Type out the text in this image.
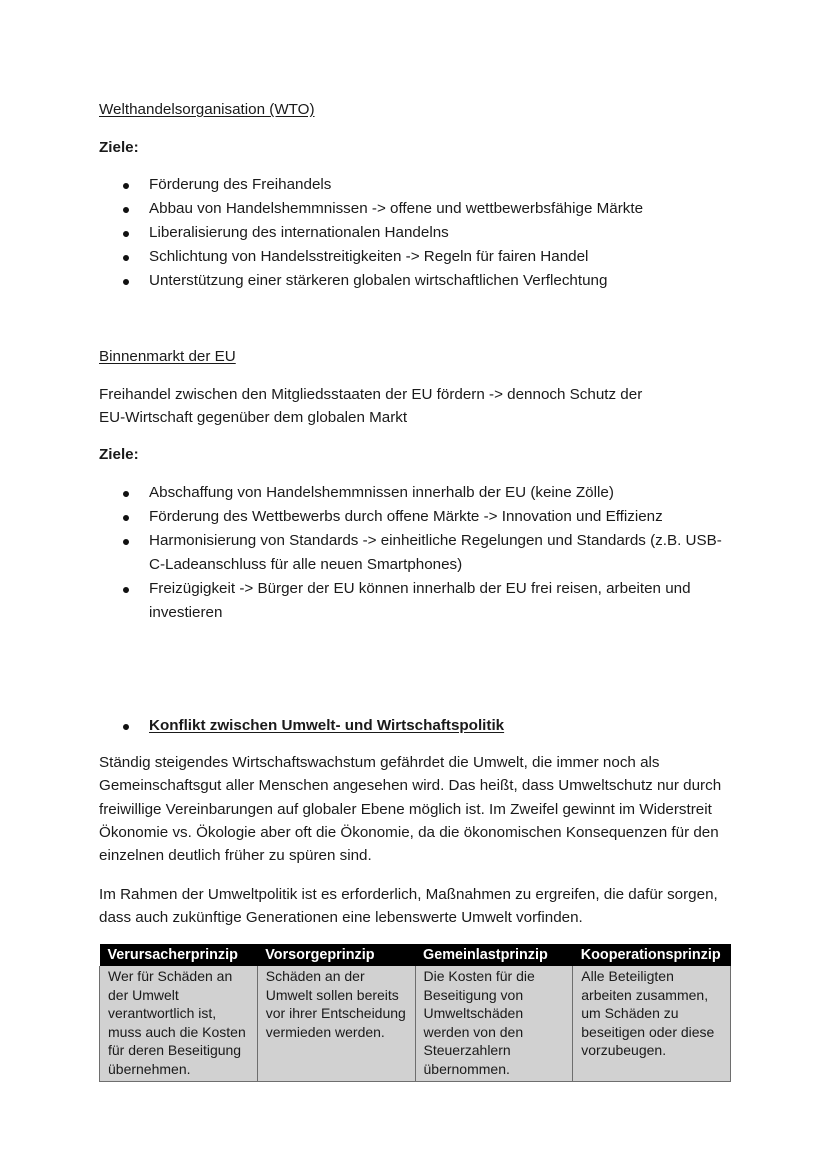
Welthandelsorganisation (WTO)
Ziele:
Förderung des Freihandels
Abbau von Handelshemmnissen -> offene und wettbewerbsfähige Märkte
Liberalisierung des internationalen Handelns
Schlichtung von Handelsstreitigkeiten -> Regeln für fairen Handel
Unterstützung einer stärkeren globalen wirtschaftlichen Verflechtung
Binnenmarkt der EU
Freihandel zwischen den Mitgliedsstaaten der EU fördern -> dennoch Schutz der
EU-Wirtschaft gegenüber dem globalen Markt
Ziele:
Abschaffung von Handelshemmnissen innerhalb der EU (keine Zölle)
Förderung des Wettbewerbs durch offene Märkte -> Innovation und Effizienz
Harmonisierung von Standards -> einheitliche Regelungen und Standards (z.B. USB-C-Ladeanschluss für alle neuen Smartphones)
Freizügigkeit -> Bürger der EU können innerhalb der EU frei reisen, arbeiten und investieren
Konflikt zwischen Umwelt- und Wirtschaftspolitik
Ständig steigendes Wirtschaftswachstum gefährdet die Umwelt, die immer noch als Gemeinschaftsgut aller Menschen angesehen wird. Das heißt, dass Umweltschutz nur durch freiwillige Vereinbarungen auf globaler Ebene möglich ist. Im Zweifel gewinnt im Widerstreit Ökonomie vs. Ökologie aber oft die Ökonomie, da die ökonomischen Konsequenzen für den einzelnen deutlich früher zu spüren sind.
Im Rahmen der Umweltpolitik ist es erforderlich, Maßnahmen zu ergreifen, die dafür sorgen, dass auch zukünftige Generationen eine lebenswerte Umwelt vorfinden.
Verursacherprinzip	Vorsorgeprinzip	Gemeinlastprinzip	Kooperationsprinzip
Wer für Schäden an der Umwelt verantwortlich ist, muss auch die Kosten für deren Beseitigung übernehmen.	Schäden an der Umwelt sollen bereits vor ihrer Entscheidung vermieden werden.	Die Kosten für die Beseitigung von Umweltschäden werden von den Steuerzahlern übernommen.	Alle Beteiligten arbeiten zusammen, um Schäden zu beseitigen oder diese vorzubeugen.
